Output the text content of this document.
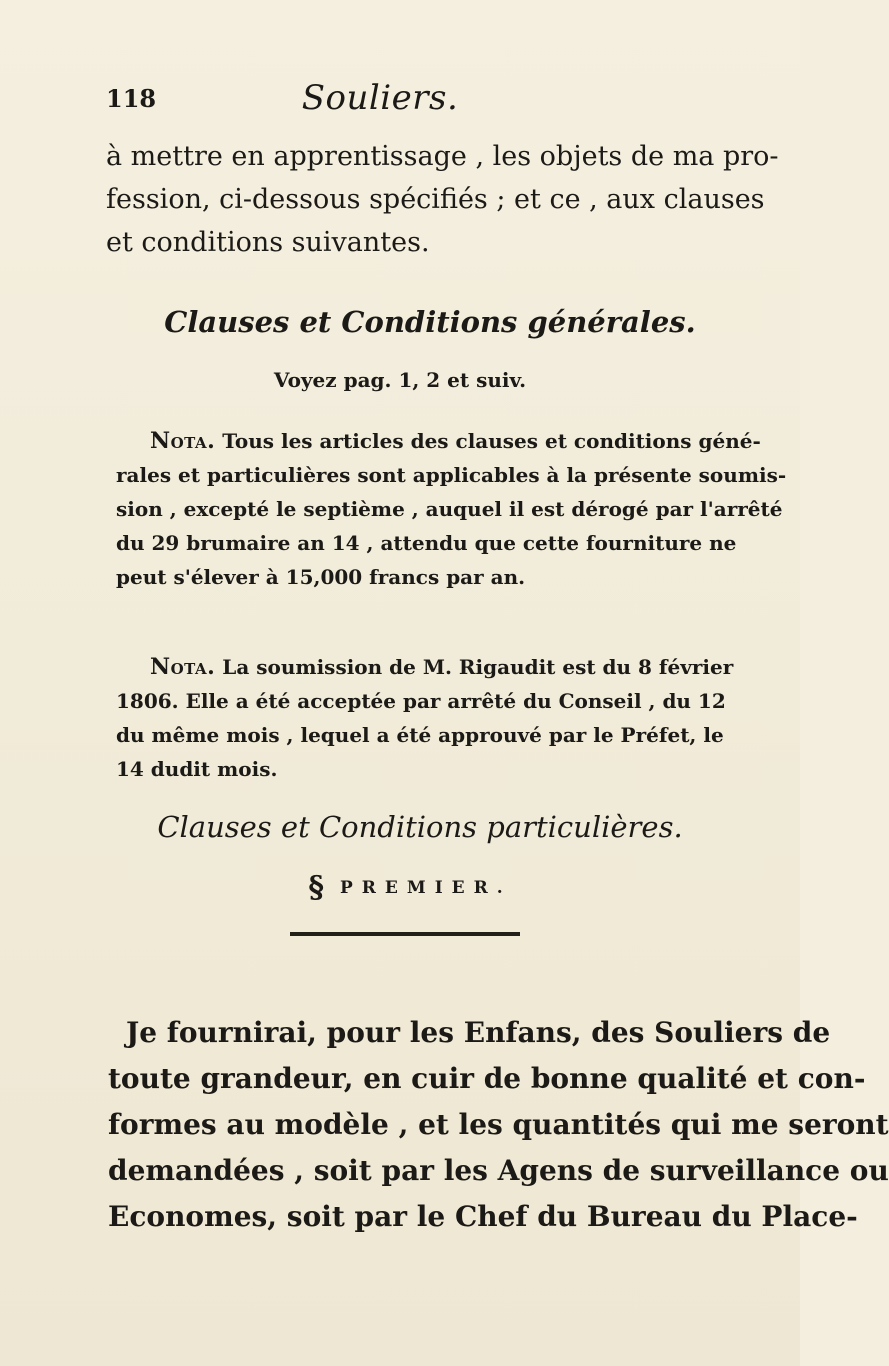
118	Souliers.
à mettre en apprentissage , les objets de ma pro-
fession, ci-dessous spécifiés ; et ce , aux clauses
et conditions suivantes.
Clauses et Conditions générales.
Voyez pag. 1, 2 et suiv.
Nota. Tous les articles des clauses et conditions géné-
rales et particulières sont applicables à la présente soumis-
sion , excepté le septième , auquel il est dérogé par l'arrêté
du 29 brumaire an 14 , attendu que cette fourniture ne
peut s'élever à 15,000 francs par an.
Nota. La soumission de M. Rigaudit est du 8 février
1806. Elle a été acceptée par arrêté du Conseil , du 12
du même mois , lequel a été approuvé par le Préfet, le
14 dudit mois.
Clauses et Conditions particulières.
§ PREMIER.
Je fournirai, pour les Enfans, des Souliers de
toute grandeur, en cuir de bonne qualité et con-
formes au modèle , et les quantités qui me seront
demandées , soit par les Agens de surveillance ou
Economes, soit par le Chef du Bureau du Place-
